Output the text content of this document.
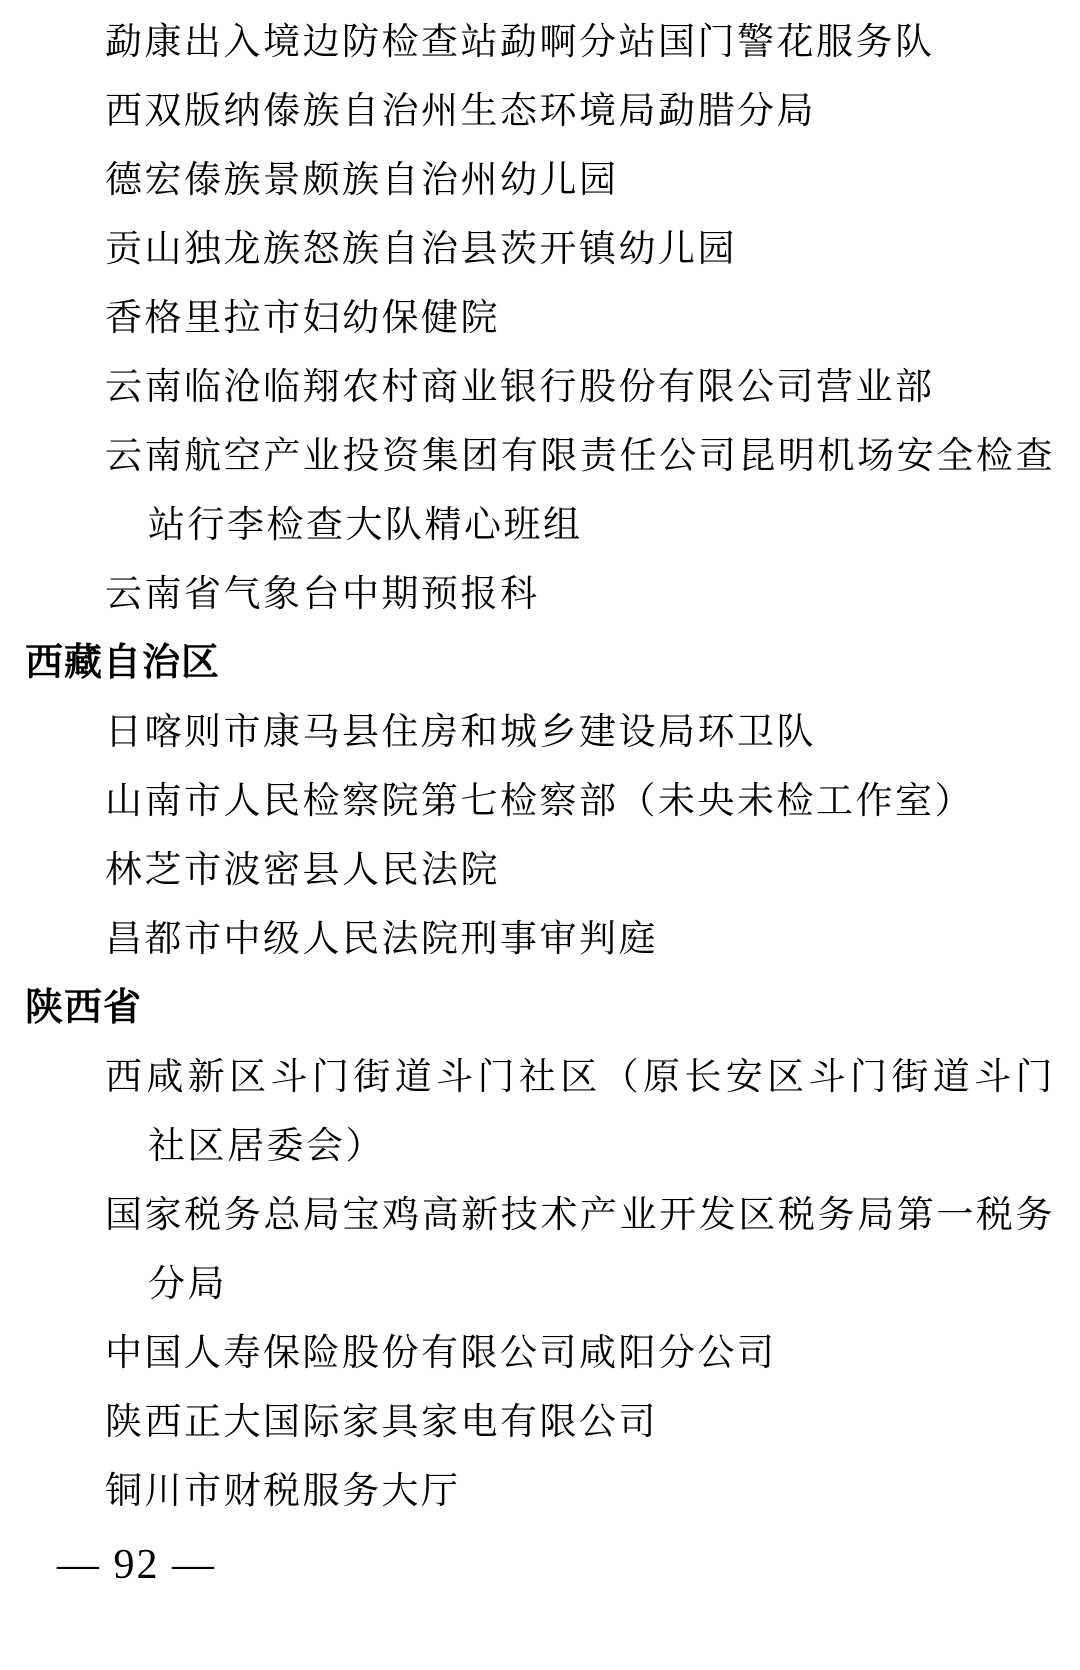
勐康出入境边防检查站勐啊分站国门警花服务队
西双版纳傣族自治州生态环境局勐腊分局
德宏傣族景颇族自治州幼儿园
贡山独龙族怒族自治县茨开镇幼儿园
香格里拉市妇幼保健院
云南临沧临翔农村商业银行股份有限公司营业部
云南航空产业投资集团有限责任公司昆明机场安全检查
站行李检查大队精心班组
云南省气象台中期预报科
西藏自治区
日喀则市康马县住房和城乡建设局环卫队
山南市人民检察院第七检察部（未央未检工作室）
林芝市波密县人民法院
昌都市中级人民法院刑事审判庭
陕西省
西咸新区斗门街道斗门社区（原长安区斗门街道斗门
社区居委会）
国家税务总局宝鸡高新技术产业开发区税务局第一税务
分局
中国人寿保险股份有限公司咸阳分公司
陕西正大国际家具家电有限公司
铜川市财税服务大厅
— 92 —
